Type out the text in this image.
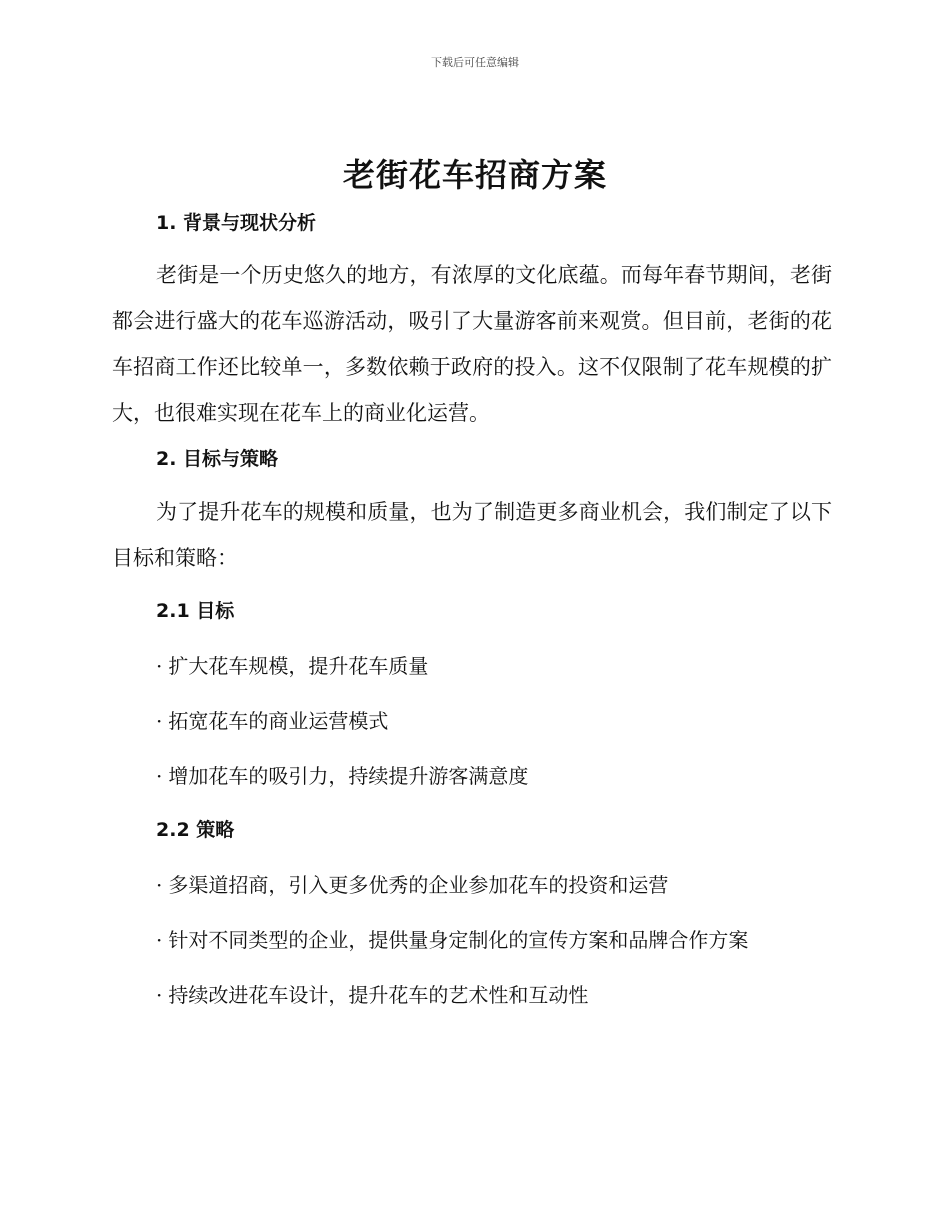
下载后可任意编辑
老街花车招商方案
1. 背景与现状分析

老街是一个历史悠久的地方，有浓厚的文化底蕴。而每年春节期间，老街都会进行盛大的花车巡游活动，吸引了大量游客前来观赏。但目前，老街的花车招商工作还比较单一，多数依赖于政府的投入。这不仅限制了花车规模的扩大，也很难实现在花车上的商业化运营。

2. 目标与策略

为了提升花车的规模和质量，也为了制造更多商业机会，我们制定了以下目标和策略：

2.1 目标

· 扩大花车规模，提升花车质量

· 拓宽花车的商业运营模式

· 增加花车的吸引力，持续提升游客满意度

2.2 策略

· 多渠道招商，引入更多优秀的企业参加花车的投资和运营

· 针对不同类型的企业，提供量身定制化的宣传方案和品牌合作方案

· 持续改进花车设计，提升花车的艺术性和互动性
